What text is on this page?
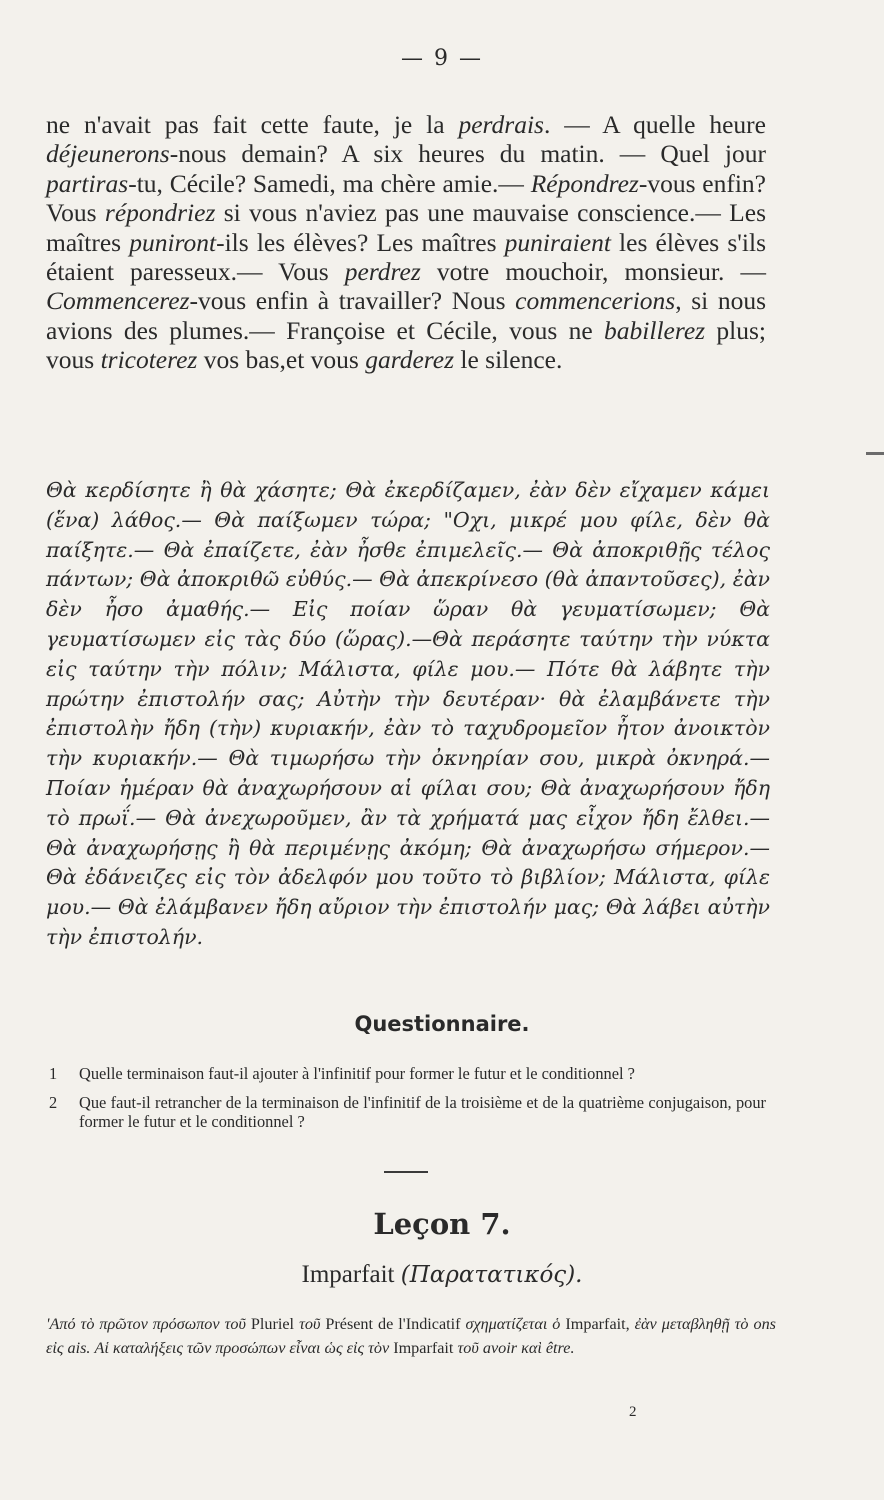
— 9 —

ne n'avait pas fait cette faute, je la perdrais. — A quelle heure déjeunerons-nous demain? A six heures du matin. — Quel jour partiras-tu, Cécile? Samedi, ma chère amie.— Répondrez-vous enfin? Vous répondriez si vous n'aviez pas une mauvaise conscience.— Les maîtres puniront-ils les élèves? Les maîtres puniraient les élèves s'ils étaient paresseux.— Vous perdrez votre mouchoir, monsieur. — Commencerez-vous enfin à travailler? Nous commencerions, si nous avions des plumes.— Françoise et Cécile, vous ne babillerez plus; vous tricoterez vos bas,et vous garderez le silence.

Θὰ κερδίσητε ἢ θὰ χάσητε; Θὰ ἐκερδίζαμεν, ἐὰν δὲν εἴχαμεν κάμει (ἕνα) λάθος.— Θὰ παίξωμεν τώρα; "Οχι, μικρέ μου φίλε, δὲν θὰ παίξητε.— Θὰ ἐπαίζετε, ἐὰν ἦσθε ἐπιμελεῖς.— Θὰ ἀποκριθῇς τέλος πάντων; Θὰ ἀποκριθῶ εὐθύς.— Θὰ ἀπεκρίνεσο (θὰ ἀπαντοῦσες), ἐὰν δὲν ἦσο ἀμαθής.— Εἰς ποίαν ὥραν θὰ γευματίσωμεν; Θὰ γευματίσωμεν εἰς τὰς δύο (ὥρας).—Θὰ περάσητε ταύτην τὴν νύκτα εἰς ταύτην τὴν πόλιν; Μάλιστα, φίλε μου.— Πότε θὰ λάβητε τὴν πρώτην ἐπιστολήν σας; Αὐτὴν τὴν δευτέραν· θὰ ἐλαμβάνετε τὴν ἐπιστολὴν ἤδη (τὴν) κυριακήν, ἐὰν τὸ ταχυδρομεῖον ἦτον ἀνοικτὸν τὴν κυριακήν.— Θὰ τιμωρήσω τὴν ὀκνηρίαν σου, μικρὰ ὀκνηρά.— Ποίαν ἡμέραν θὰ ἀναχωρήσουν αἱ φίλαι σου; Θὰ ἀναχωρήσουν ἤδη τὸ πρωΐ.— Θὰ ἀνεχωροῦμεν, ἂν τὰ χρήματά μας εἶχον ἤδη ἔλθει.— Θὰ ἀναχωρήσῃς ἢ θὰ περιμένῃς ἀκόμη; Θὰ ἀναχωρήσω σήμερον.— Θὰ ἐδάνειζες εἰς τὸν ἀδελφόν μου τοῦτο τὸ βιβλίον; Μάλιστα, φίλε μου.— Θὰ ἐλάμβανεν ἤδη αὔριον τὴν ἐπιστολήν μας; Θὰ λάβει αὐτὴν τὴν ἐπιστολήν.

Questionnaire.
1	Quelle terminaison faut-il ajouter à l'infinitif pour former le futur et le conditionnel ?
2	Que faut-il retrancher de la terminaison de l'infinitif de la troisième et de la quatrième conjugaison, pour former le futur et le conditionnel ?
Leçon 7.
Imparfait (Παρατατικός).

'Από τὸ πρῶτον πρόσωπον τοῦ Pluriel τοῦ Présent de l'Indicatif σχηματίζεται ὁ Imparfait, ἐὰν μεταβληθῇ τὸ ons εἰς ais. Αἱ καταλήξεις τῶν προσώπων εἶναι ὡς εἰς τὸν Imparfait τοῦ avoir καὶ être.

2
